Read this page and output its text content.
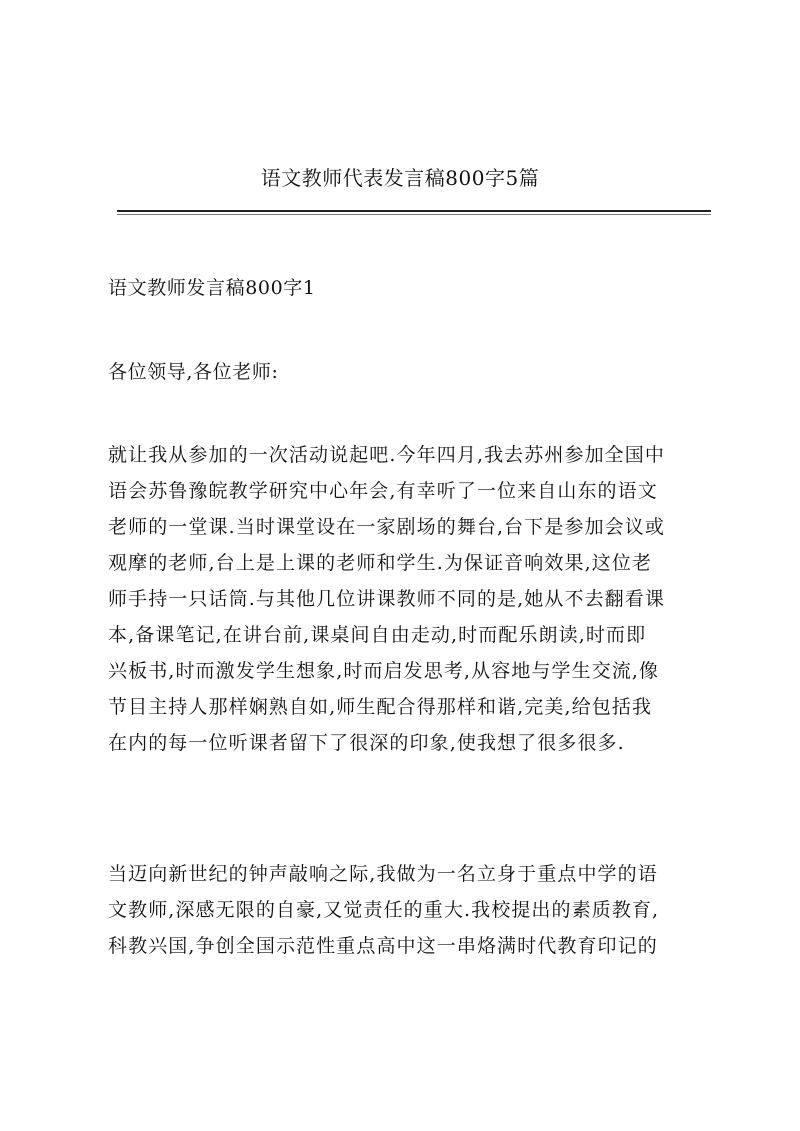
语文教师代表发言稿800字5篇
语文教师发言稿800字1
各位领导,各位老师:
就让我从参加的一次活动说起吧.今年四月,我去苏州参加全国中
语会苏鲁豫皖教学研究中心年会,有幸听了一位来自山东的语文
老师的一堂课.当时课堂设在一家剧场的舞台,台下是参加会议或
观摩的老师,台上是上课的老师和学生.为保证音响效果,这位老
师手持一只话筒.与其他几位讲课教师不同的是,她从不去翻看课
本,备课笔记,在讲台前,课桌间自由走动,时而配乐朗读,时而即
兴板书,时而激发学生想象,时而启发思考,从容地与学生交流,像
节目主持人那样娴熟自如,师生配合得那样和谐,完美,给包括我
在内的每一位听课者留下了很深的印象,使我想了很多很多.
当迈向新世纪的钟声敲响之际,我做为一名立身于重点中学的语
文教师,深感无限的自豪,又觉责任的重大.我校提出的素质教育,
科教兴国,争创全国示范性重点高中这一串烙满时代教育印记的
